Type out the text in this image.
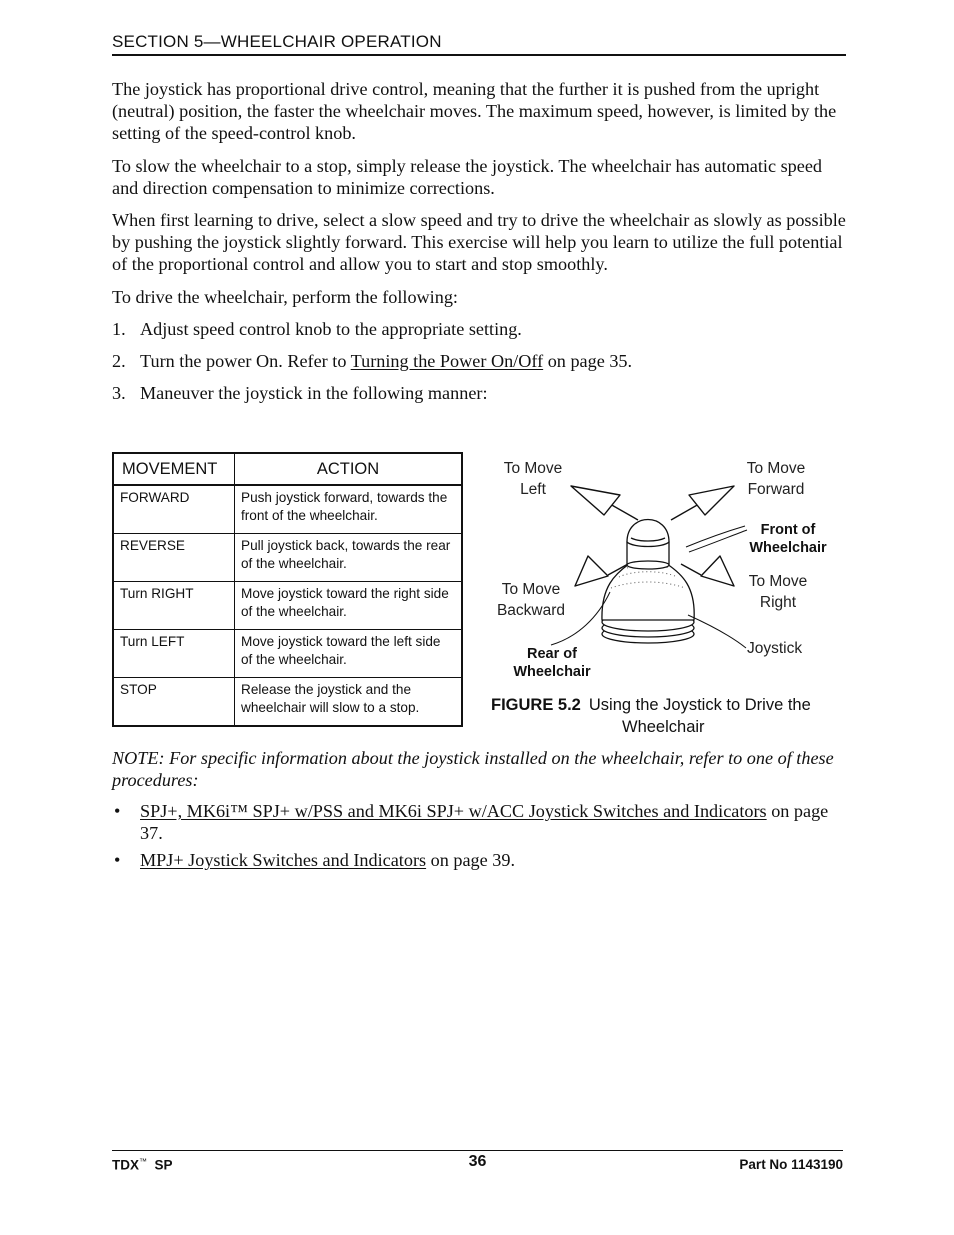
SECTION 5—WHEELCHAIR OPERATION

The joystick has proportional drive control, meaning that the further it is pushed from the upright (neutral) position, the faster the wheelchair moves. The maximum speed, however, is limited by the setting of the speed-control knob.

To slow the wheelchair to a stop, simply release the joystick. The wheelchair has automatic speed and direction compensation to minimize corrections.

When first learning to drive, select a slow speed and try to drive the wheelchair as slowly as possible by pushing the joystick slightly forward. This exercise will help you learn to utilize the full potential of the proportional control and allow you to start and stop smoothly.

To drive the wheelchair, perform the following:

1. Adjust speed control knob to the appropriate setting.
2. Turn the power On. Refer to Turning the Power On/Off on page 35.
3. Maneuver the joystick in the following manner:
MOVEMENT	ACTION
FORWARD	Push joystick forward, towards the front of the wheelchair.
REVERSE	Pull joystick back, towards the rear of the wheelchair.
Turn RIGHT	Move joystick toward the right side of the wheelchair.
Turn LEFT	Move joystick toward the left side of the wheelchair.
STOP	Release the joystick and the wheelchair will slow to a stop.
To Move Left
To Move Forward
Front of Wheelchair
To Move Backward
To Move Right
Rear of Wheelchair
Joystick
FIGURE 5.2 Using the Joystick to Drive the
Wheelchair
NOTE: For specific information about the joystick installed on the wheelchair, refer to one of these procedures:
• SPJ+, MK6i™ SPJ+ w/PSS and MK6i SPJ+ w/ACC Joystick Switches and Indicators on page 37.
• MPJ+ Joystick Switches and Indicators on page 39.
TDX™ SP	36	Part No 1143190
